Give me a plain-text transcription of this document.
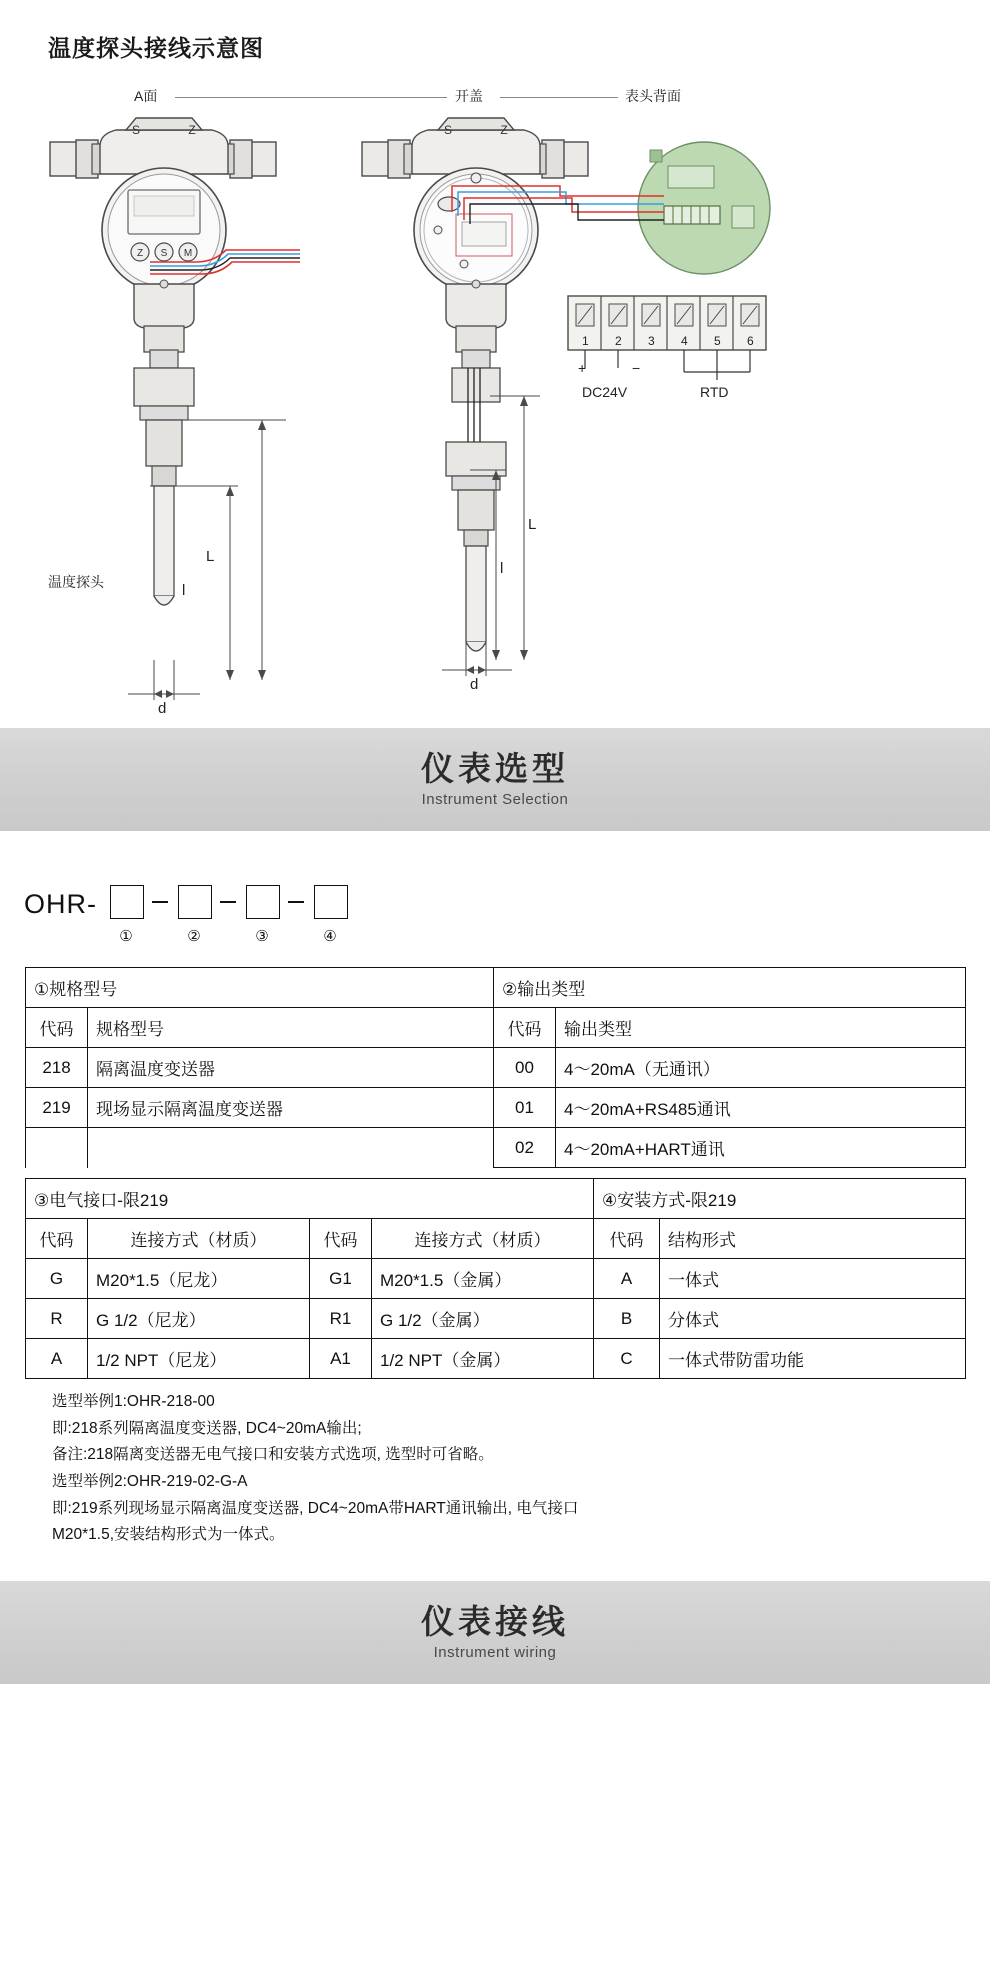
温度探头接线示意图
A面	开盖	表头背面
温度探头
Z S M
S	Z	S	Z
L
l
d
L
l
d
1 2 3 4 5 6
+	−
DC24V	RTD
仪表选型
Instrument Selection
OHR-
①	②	③	④
①规格型号		②输出类型	
代码	规格型号	代码	输出类型
218	隔离温度变送器	00	4～20mA（无通讯）
219	现场显示隔离温度变送器	01	4～20mA+RS485通讯
		02	4～20mA+HART通讯
③电气接口-限219				④安装方式-限219	
代码	连接方式（材质）	代码	连接方式（材质）	代码	结构形式
G	M20*1.5（尼龙）	G1	M20*1.5（金属）	A	一体式
R	G 1/2（尼龙）	R1	G 1/2（金属）	B	分体式
A	1/2 NPT（尼龙）	A1	1/2 NPT（金属）	C	一体式带防雷功能
选型举例1:OHR-218-00
即:218系列隔离温度变送器, DC4~20mA输出;
备注:218隔离变送器无电气接口和安装方式选项, 选型时可省略。
选型举例2:OHR-219-02-G-A
即:219系列现场显示隔离温度变送器, DC4~20mA带HART通讯输出, 电气接口
M20*1.5,安装结构形式为一体式。
仪表接线
Instrument wiring
